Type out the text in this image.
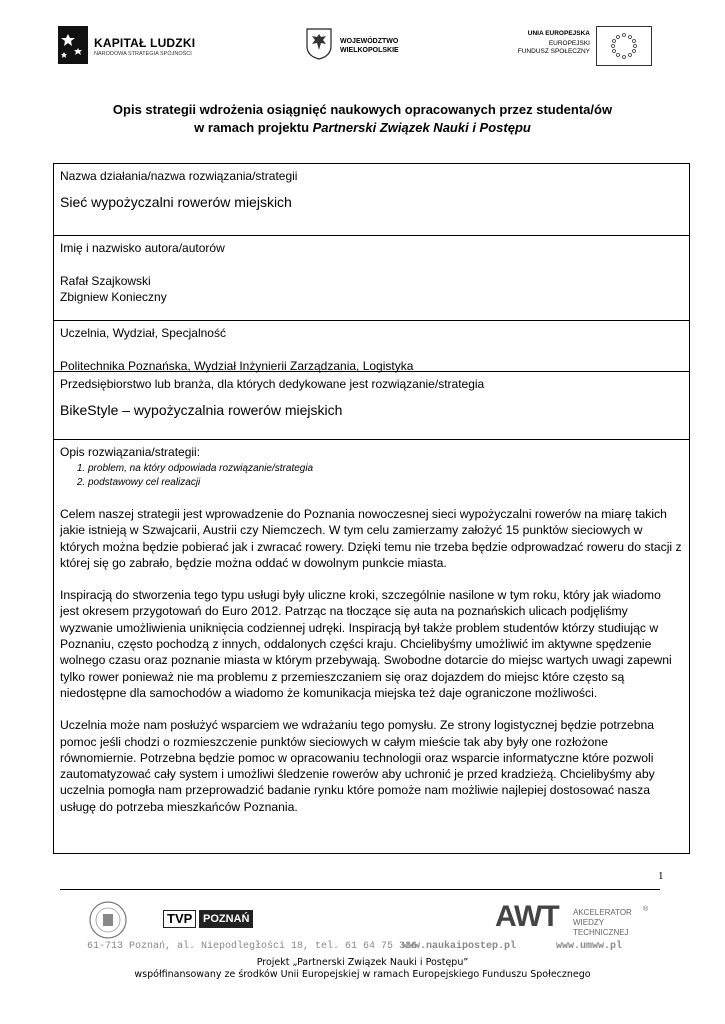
KAPITAŁ LUDZKI
NARODOWA STRATEGIA SPÓJNOŚCI
WOJEWÓDZTWO
WIELKOPOLSKIE
UNIA EUROPEJSKA
EUROPEJSKI
FUNDUSZ SPOŁECZNY
Opis strategii wdrożenia osiągnięć naukowych opracowanych przez studenta/ów
w ramach projektu Partnerski Związek Nauki i Postępu

Nazwa działania/nazwa rozwiązania/strategii

Sieć wypożyczalni rowerów miejskich

Imię i nazwisko autora/autorów

Rafał Szajkowski

Zbigniew Konieczny

Uczelnia, Wydział, Specjalność

Politechnika Poznańska, Wydział Inżynierii Zarządzania, Logistyka

Przedsiębiorstwo lub branża, dla których dedykowane jest rozwiązanie/strategia

BikeStyle – wypożyczalnia rowerów miejskich

Opis rozwiązania/strategii:

1. problem, na który odpowiada rozwiązanie/strategia
2. podstawowy cel realizacji

Celem naszej strategii jest wprowadzenie do Poznania nowoczesnej sieci wypożyczalni rowerów na miarę takich jakie istnieją w Szwajcarii, Austrii czy Niemczech. W tym celu zamierzamy założyć 15 punktów sieciowych w których można będzie pobierać jak i zwracać rowery. Dzięki temu nie trzeba będzie odprowadzać roweru do stacji z której się go zabrało, będzie można oddać w dowolnym punkcie miasta.

Inspiracją do stworzenia tego typu usługi były uliczne kroki, szczególnie nasilone w tym roku, który jak wiadomo jest okresem przygotowań do Euro 2012. Patrząc na tłoczące się auta na poznańskich ulicach podjęliśmy wyzwanie umożliwienia uniknięcia codziennej udręki. Inspiracją był także problem studentów którzy studiując w Poznaniu, często pochodzą z innych, oddalonych części kraju. Chcielibyśmy umożliwić im aktywne spędzenie wolnego czasu oraz poznanie miasta w którym przebywają. Swobodne dotarcie do miejsc wartych uwagi zapewni tylko rower ponieważ nie ma problemu z przemieszczaniem się oraz dojazdem do miejsc które często są niedostępne dla samochodów a wiadomo że komunikacja miejska też daje ograniczone możliwości.

Uczelnia może nam posłużyć wsparciem we wdrażaniu tego pomysłu. Ze strony logistycznej będzie potrzebna pomoc jeśli chodzi o rozmieszczenie punktów sieciowych w całym mieście tak aby były one rozłożone równomiernie. Potrzebna będzie pomoc w opracowaniu technologii oraz wsparcie informatyczne które pozwoli zautomatyzować cały system i umożliwi śledzenie rowerów aby uchronić je przed kradzieżą. Chcielibyśmy aby uczelnia pomogła nam przeprowadzić badanie rynku które pomoże nam możliwie najlepiej dostosować nasza usługę do potrzeba mieszkańców Poznania.

1
TVP POZNAŃ	AWT AKCELERATOR
WIEDZY
TECHNICZNEJ
®
61-713 Poznań, al. Niepodległości 18, tel. 61 64 75 326
www.naukaipostep.pl	www.umww.pl
Projekt „Partnerski Związek Nauki i Postępu”
współfinansowany ze środków Unii Europejskiej w ramach Europejskiego Funduszu Społecznego
